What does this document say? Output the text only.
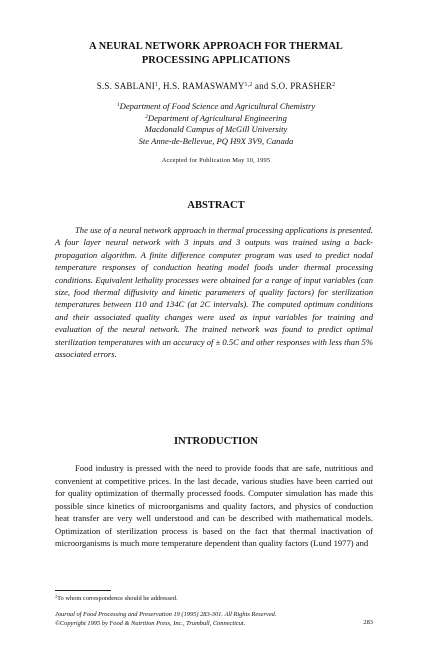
A NEURAL NETWORK APPROACH FOR THERMAL
PROCESSING APPLICATIONS
S.S. SABLANI$^1$, H.S. RAMASWAMY$^{1,2}$ and S.O. PRASHER$^2$
$^1$Department of Food Science and Agricultural Chemistry
$^2$Department of Agricultural Engineering
Macdonald Campus of McGill University
Ste Anne-de-Bellevue, PQ H9X 3V9, Canada
Accepted for Publication May 10, 1995
ABSTRACT

The use of a neural network approach in thermal processing applications is presented. A four layer neural network with 3 inputs and 3 outputs was trained using a back-propagation algorithm. A finite difference computer program was used to predict nodal temperature responses of conduction heating model foods under thermal processing conditions. Equivalent lethality processes were obtained for a range of input variables (can size, food thermal diffusivity and kinetic parameters of quality factors) for sterilization temperatures between 110 and 134C (at 2C intervals). The computed optimum conditions and their associated quality changes were used as input variables for training and evaluation of the neural network. The trained network was found to predict optimal sterilization temperatures with an accuracy of ± 0.5C and other responses with less than 5% associated errors.

INTRODUCTION

Food industry is pressed with the need to provide foods that are safe, nutritious and convenient at competitive prices. In the last decade, various studies have been carried out for quality optimization of thermally processed foods. Computer simulation has made this possible since kinetics of microorganisms and quality factors, and physics of conduction heat transfer are very well understood and can be described with mathematical models. Optimization of sterilization process is based on the fact that thermal inactivation of microorganisms is much more temperature dependent than quality factors (Lund 1977) and

$^2$To whom correspondence should be addressed.
Journal of Food Processing and Preservation 19 (1995) 283-301. All Rights Reserved.
©Copyright 1995 by Food & Nutrition Press, Inc., Trumbull, Connecticut.	283
